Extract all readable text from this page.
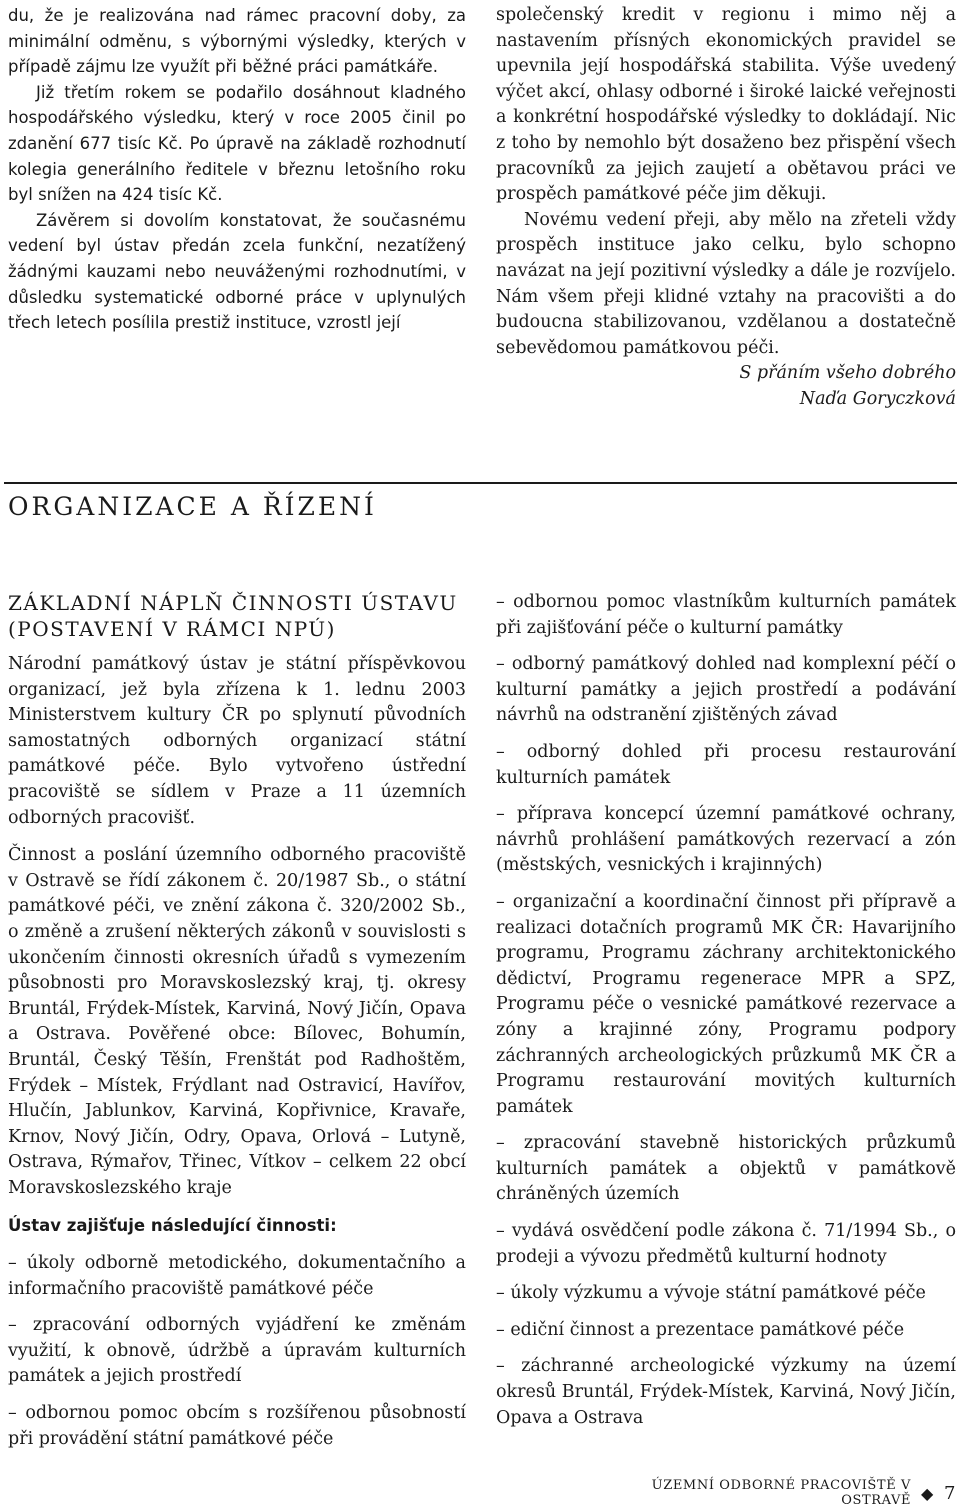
du, že je realizována nad rámec pracovní doby, za minimální odměnu, s výbornými výsledky, kterých v případě zájmu lze využít při běžné práci památkáře.

Již třetím rokem se podařilo dosáhnout kladného hospodářského výsledku, který v roce 2005 činil po zdanění 677 tisíc Kč. Po úpravě na základě rozhodnutí kolegia generálního ředitele v březnu letošního roku byl snížen na 424 tisíc Kč.

Závěrem si dovolím konstatovat, že současnému vedení byl ústav předán zcela funkční, nezatížený žádnými kauzami nebo neuváženými rozhodnutími, v důsledku systematické odborné práce v uplynulých třech letech posílila prestiž instituce, vzrostl její

společenský kredit v regionu i mimo něj a nastavením přísných ekonomických pravidel se upevnila její hospodářská stabilita. Výše uvedený výčet akcí, ohlasy odborné i široké laické veřejnosti a konkrétní hospodářské výsledky to dokládají. Nic z toho by nemohlo být dosaženo bez přispění všech pracovníků za jejich zaujetí a obětavou práci ve prospěch památkové péče jim děkuji.

Novému vedení přeji, aby mělo na zřeteli vždy prospěch instituce jako celku, bylo schopno navázat na její pozitivní výsledky a dále je rozvíjelo. Nám všem přeji klidné vztahy na pracovišti a do budoucna stabilizovanou, vzdělanou a dostatečně sebevědomou památkovou péči.

S přáním všeho dobrého

Naďa Goryczková

ORGANIZACE A ŘÍZENÍ
ZÁKLADNÍ NÁPLŇ ČINNOSTI ÚSTAVU
(POSTAVENÍ V RÁMCI NPÚ)

Národní památkový ústav je státní příspěvkovou organizací, jež byla zřízena k 1. lednu 2003 Ministerstvem kultury ČR po splynutí původních samostatných odborných organizací státní památkové péče. Bylo vytvořeno ústřední pracoviště se sídlem v Praze a 11 územních odborných pracovišť.

Činnost a poslání územního odborného pracoviště v Ostravě se řídí zákonem č. 20/1987 Sb., o státní památkové péči, ve znění zákona č. 320/2002 Sb., o změně a zrušení některých zákonů v souvislosti s ukončením činnosti okresních úřadů s vymezením působnosti pro Moravskoslezský kraj, tj. okresy Bruntál, Frýdek-Místek, Karviná, Nový Jičín, Opava a Ostrava. Pověřené obce: Bílovec, Bohumín, Bruntál, Český Těšín, Frenštát pod Radhoštěm, Frýdek – Místek, Frýdlant nad Ostravicí, Havířov, Hlučín, Jablunkov, Karviná, Kopřivnice, Kravaře, Krnov, Nový Jičín, Odry, Opava, Orlová – Lutyně, Ostrava, Rýmařov, Třinec, Vítkov – celkem 22 obcí Moravskoslezského kraje

Ústav zajišťuje následující činnosti:

– úkoly odborně metodického, dokumentačního a informačního pracoviště památkové péče

– zpracování odborných vyjádření ke změnám využití, k obnově, údržbě a úpravám kulturních památek a jejich prostředí

– odbornou pomoc obcím s rozšířenou působností při provádění státní památkové péče

– odbornou pomoc vlastníkům kulturních památek při zajišťování péče o kulturní památky

– odborný památkový dohled nad komplexní péčí o kulturní památky a jejich prostředí a podávání návrhů na odstranění zjištěných závad

– odborný dohled při procesu restaurování kulturních památek

– příprava koncepcí územní památkové ochrany, návrhů prohlášení památkových rezervací a zón (městských, vesnických i krajinných)

– organizační a koordinační činnost při přípravě a realizaci dotačních programů MK ČR: Havarijního programu, Programu záchrany architektonického dědictví, Programu regenerace MPR a SPZ, Programu péče o vesnické památkové rezervace a zóny a krajinné zóny, Programu podpory záchranných archeologických průzkumů MK ČR a Programu restaurování movitých kulturních památek

– zpracování stavebně historických průzkumů kulturních památek a objektů v památkově chráněných územích

– vydává osvědčení podle zákona č. 71/1994 Sb., o prodeji a vývozu předmětů kulturní hodnoty

– úkoly výzkumu a vývoje státní památkové péče

– ediční činnost a prezentace památkové péče

– záchranné archeologické výzkumy na území okresů Bruntál, Frýdek-Místek, Karviná, Nový Jičín, Opava a Ostrava

ÚZEMNÍ ODBORNÉ PRACOVIŠTĚ V OSTRAVĚ ◆ 7
